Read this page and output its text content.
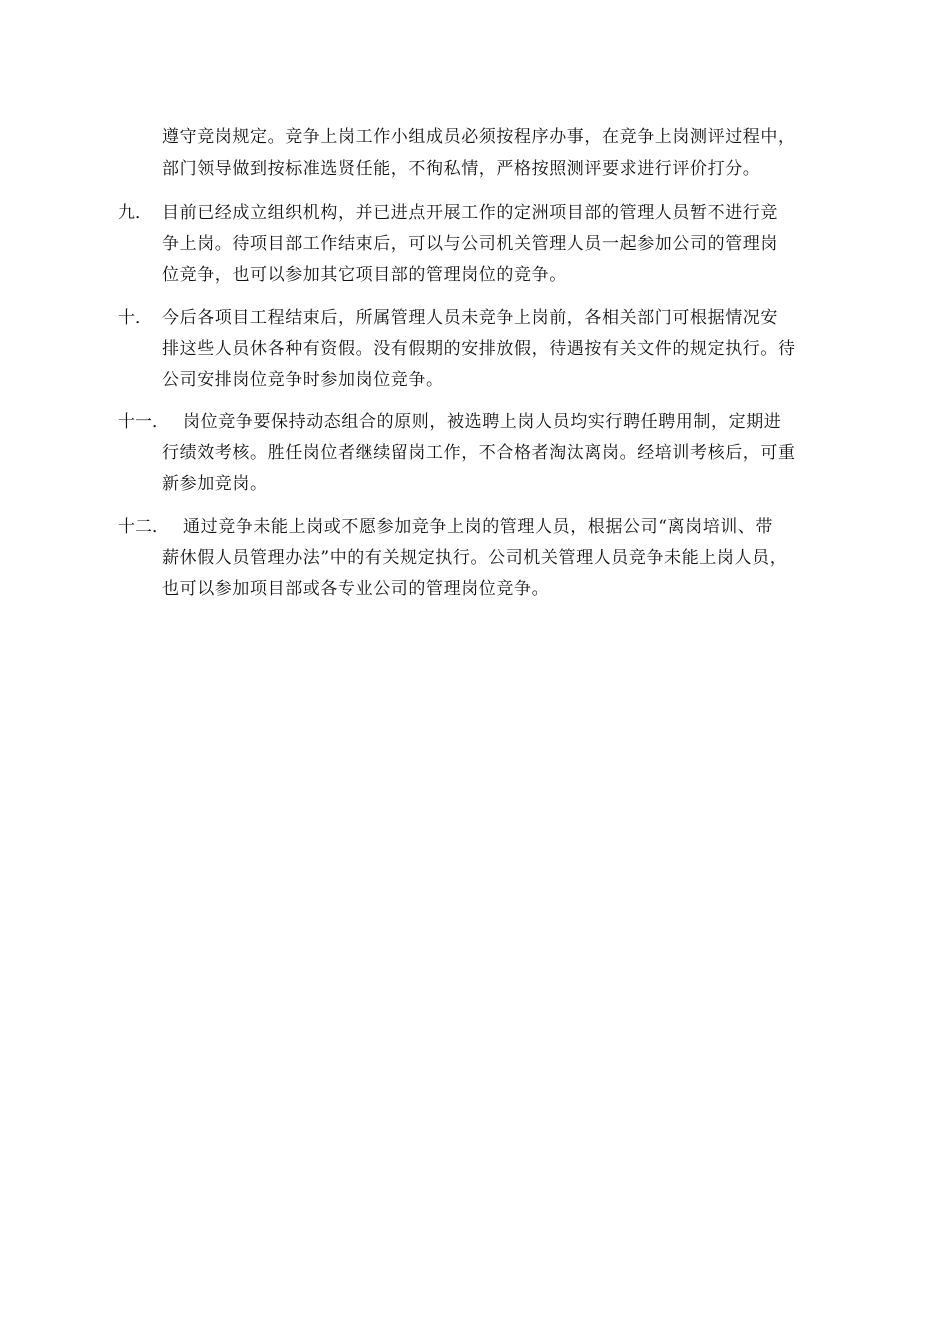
遵守竞岗规定。竞争上岗工作小组成员必须按程序办事，在竞争上岗测评过程中，
部门领导做到按标准选贤任能，不徇私情，严格按照测评要求进行评价打分。
九． 目前已经成立组织机构，并已进点开展工作的定洲项目部的管理人员暂不进行竞
争上岗。待项目部工作结束后，可以与公司机关管理人员一起参加公司的管理岗
位竞争，也可以参加其它项目部的管理岗位的竞争。
十． 今后各项目工程结束后，所属管理人员未竞争上岗前，各相关部门可根据情况安
排这些人员休各种有资假。没有假期的安排放假，待遇按有关文件的规定执行。待
公司安排岗位竞争时参加岗位竞争。
十一． 岗位竞争要保持动态组合的原则，被选聘上岗人员均实行聘任聘用制，定期进
行绩效考核。胜任岗位者继续留岗工作，不合格者淘汰离岗。经培训考核后，可重
新参加竞岗。
十二． 通过竞争未能上岗或不愿参加竞争上岗的管理人员，根据公司“离岗培训、带
薪休假人员管理办法”中的有关规定执行。公司机关管理人员竞争未能上岗人员，
也可以参加项目部或各专业公司的管理岗位竞争。
